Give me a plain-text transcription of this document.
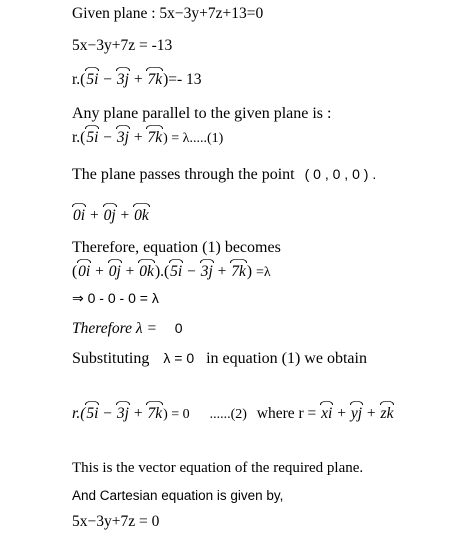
Given plane : 5x−3y+7z+13=0
5x−3y+7z = -13
r.(5i − 3j + 7k)=- 13
Any plane parallel to the given plane is :
r.(5i − 3j + 7k) = λ.....(1)
The plane passes through the point ( 0 , 0 , 0 ) .
0i + 0j + 0k
Therefore, equation (1) becomes
(0i + 0j + 0k).(5i − 3j + 7k) =λ
⇒ 0 - 0 - 0 = λ
Therefore λ = 0
Substituting λ = 0 in equation (1) we obtain
r.(5i − 3j + 7k) = 0 ......(2) where r = xi + yj + zk
This is the vector equation of the required plane.
And Cartesian equation is given by,
5x−3y+7z = 0
